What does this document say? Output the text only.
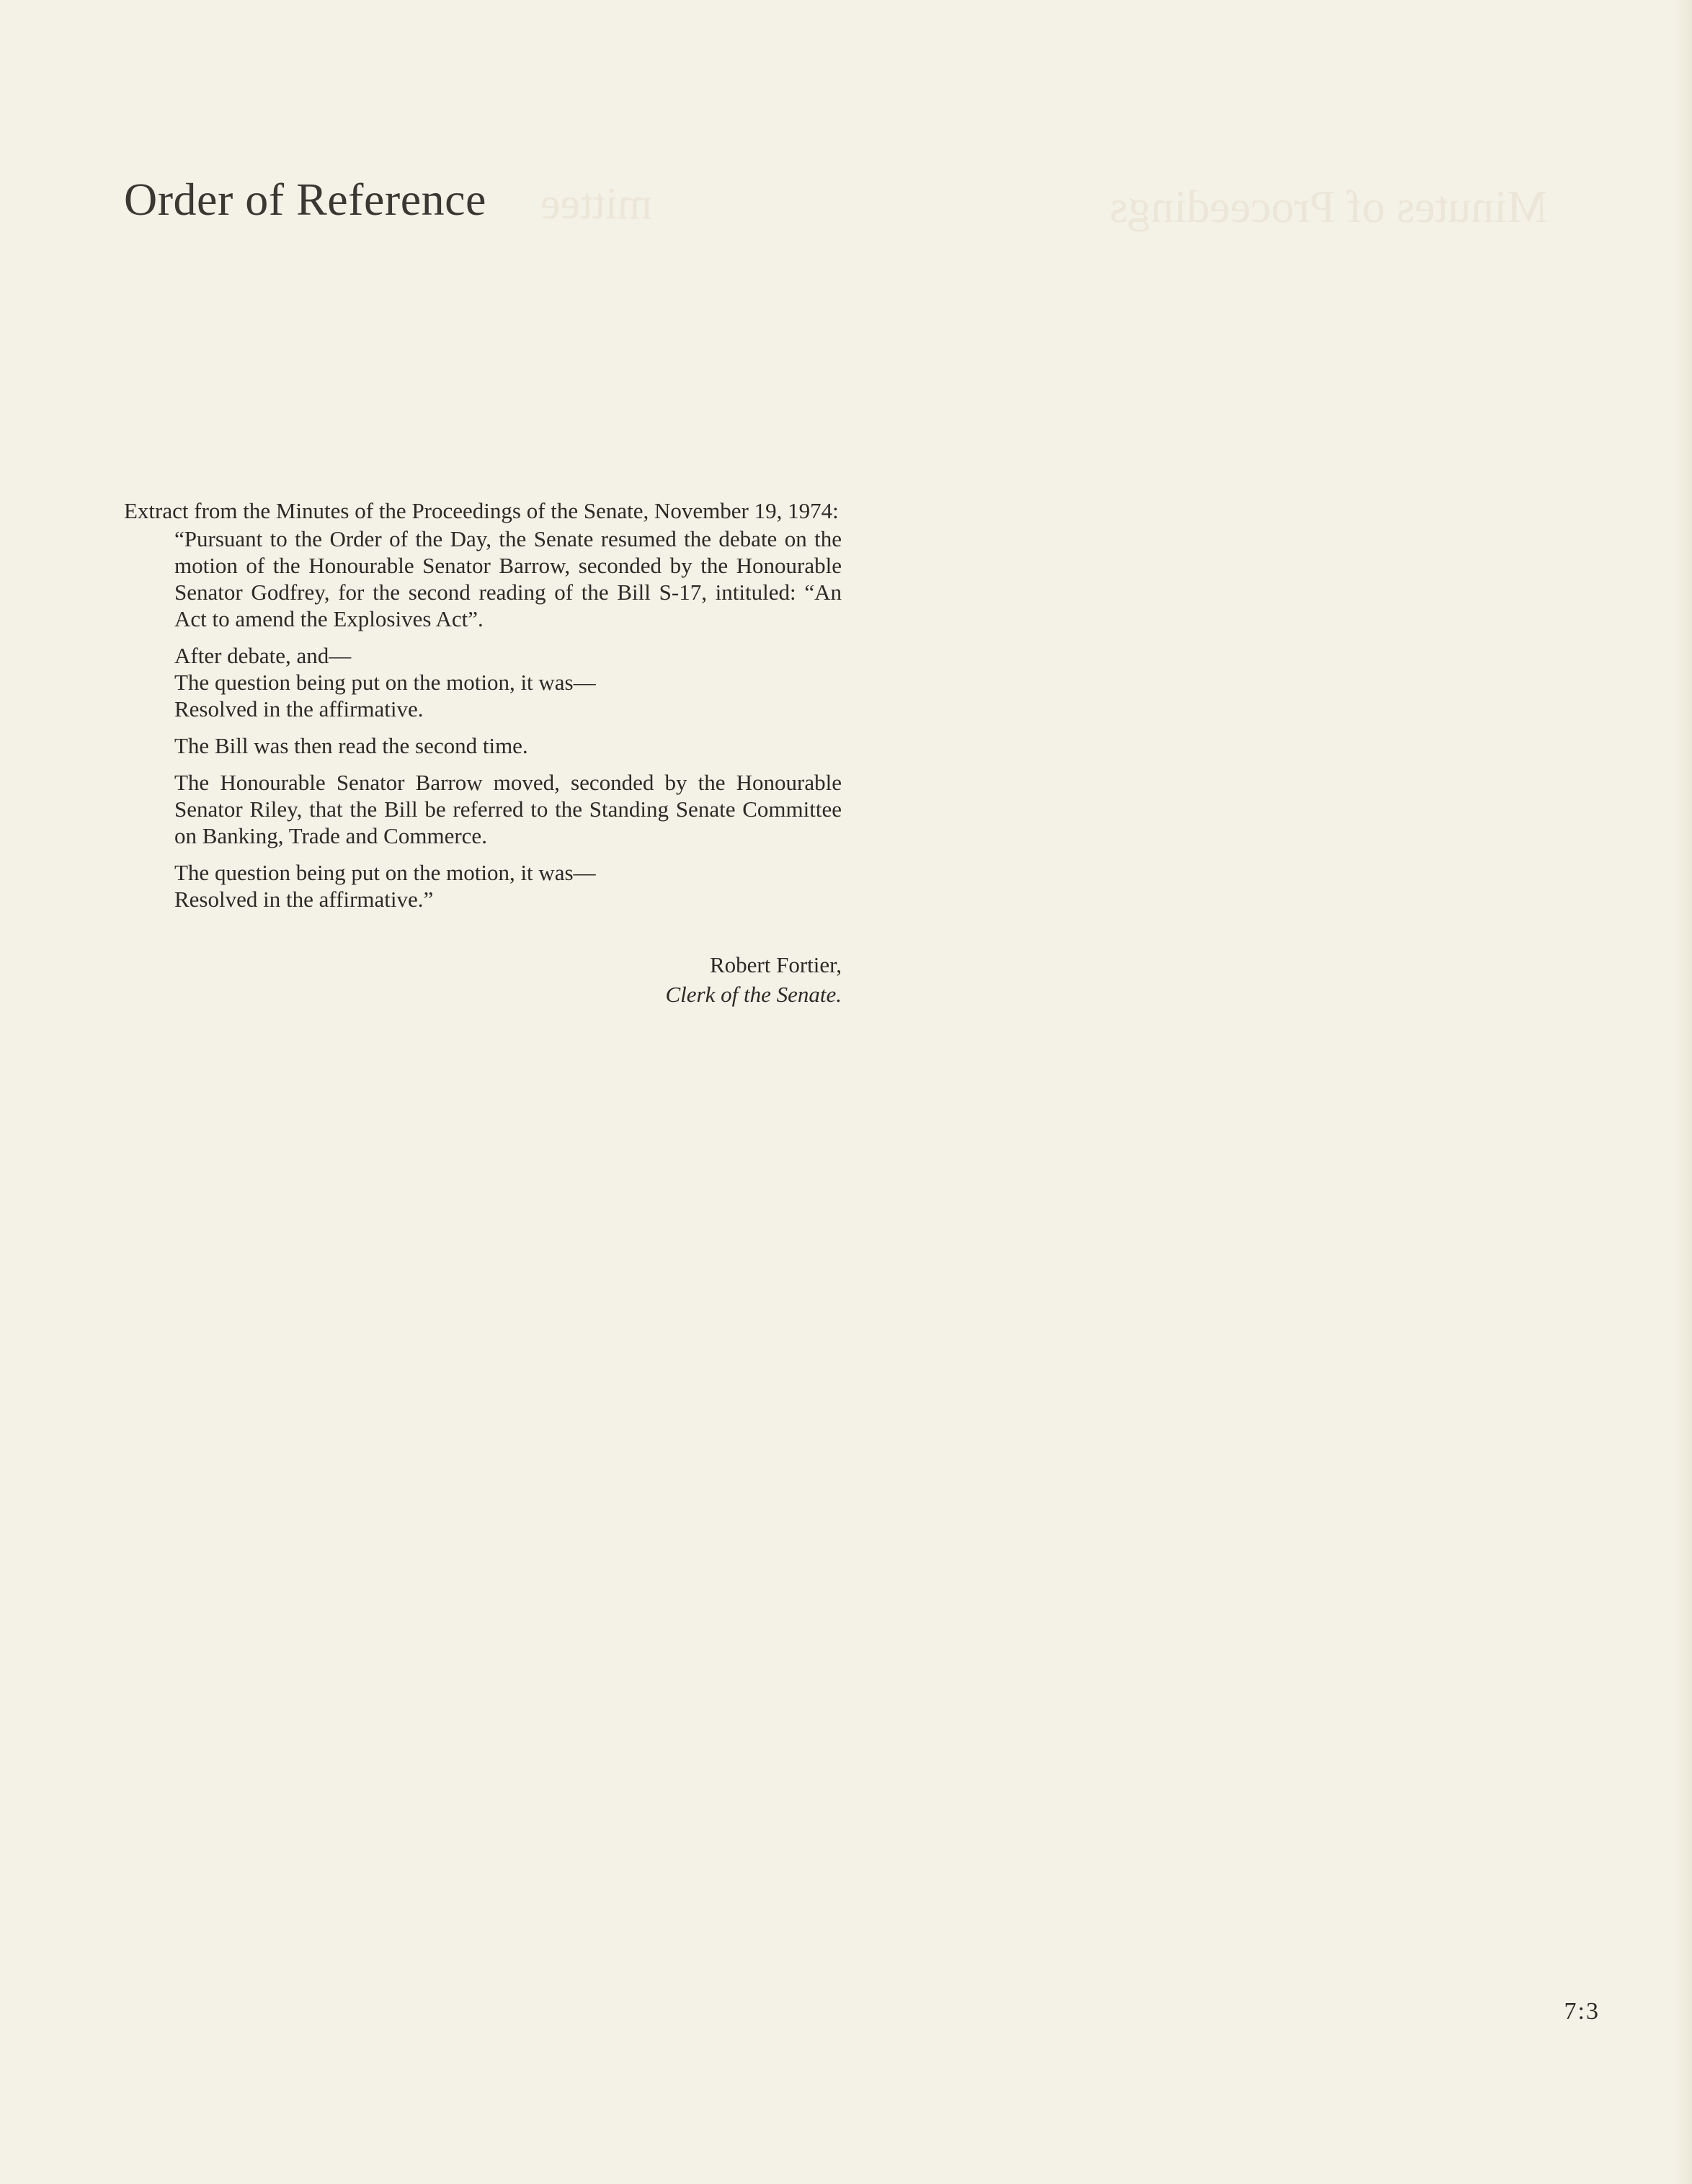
Minutes of Proceedings
mittee
Order of Reference

Extract from the Minutes of the Proceedings of the Senate, November 19, 1974:

“Pursuant to the Order of the Day, the Senate resumed the debate on the motion of the Honourable Senator Barrow, seconded by the Honourable Senator Godfrey, for the second reading of the Bill S-17, intituled: “An Act to amend the Explosives Act”.

After debate, and—

The question being put on the motion, it was—

Resolved in the affirmative.

The Bill was then read the second time.

The Honourable Senator Barrow moved, seconded by the Honourable Senator Riley, that the Bill be referred to the Standing Senate Committee on Banking, Trade and Commerce.

The question being put on the motion, it was—

Resolved in the affirmative.”

Robert Fortier,

Clerk of the Senate.

7:3
